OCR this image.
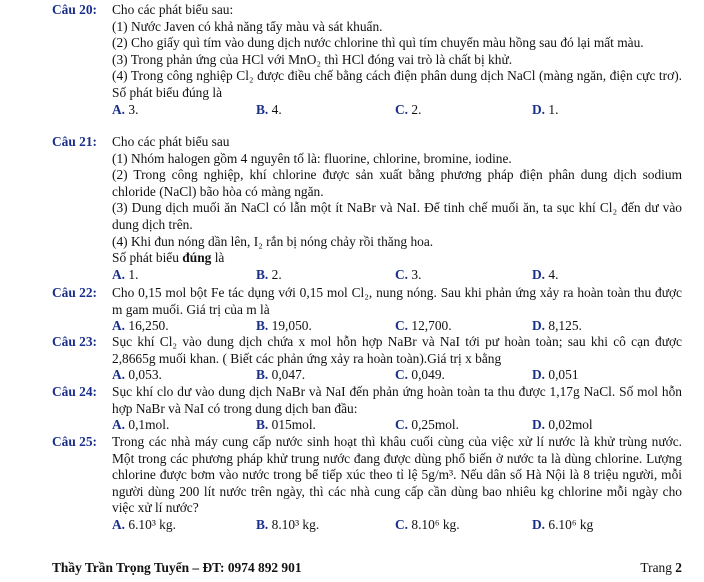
Câu 20: Cho các phát biểu sau:
(1) Nước Javen có khả năng tẩy màu và sát khuẩn.
(2) Cho giấy quì tím vào dung dịch nước chlorine thì quì tím chuyển màu hồng sau đó lại mất màu.
(3) Trong phản ứng của HCl với MnO₂ thì HCl đóng vai trò là chất bị khử.
(4) Trong công nghiệp Cl₂ được điều chế bằng cách điện phân dung dịch NaCl (màng ngăn, điện cực trơ). Số phát biểu đúng là
A. 3.	B. 4.	C. 2.	D. 1.
Câu 21: Cho các phát biểu sau
(1) Nhóm halogen gồm 4 nguyên tố là: fluorine, chlorine, bromine, iodine.
(2) Trong công nghiệp, khí chlorine được sản xuất bằng phương pháp điện phân dung dịch sodium chloride (NaCl) bão hòa có màng ngăn.
(3) Dung dịch muối ăn NaCl có lẫn một ít NaBr và NaI. Để tinh chế muối ăn, ta sục khí Cl₂ đến dư vào dung dịch trên.
(4) Khi đun nóng dần lên, I₂ rắn bị nóng chảy rồi thăng hoa.
Số phát biểu đúng là
A. 1.	B. 2.	C. 3.	D. 4.
Câu 22: Cho 0,15 mol bột Fe tác dụng với 0,15 mol Cl₂, nung nóng. Sau khi phản ứng xảy ra hoàn toàn thu được m gam muối. Giá trị của m là
A. 16,250.	B. 19,050.	C. 12,700.	D. 8,125.
Câu 23: Sục khí Cl₂ vào dung dịch chứa x mol hỗn hợp NaBr và NaI tới pư hoàn toàn; sau khi cô cạn được 2,8665g muối khan. ( Biết các phản ứng xảy ra hoàn toàn).Giá trị x bằng
A. 0,053.	B. 0,047.	C. 0,049.	D. 0,051
Câu 24: Sục khí clo dư vào dung dịch NaBr và NaI đến phản ứng hoàn toàn ta thu được 1,17g NaCl. Số mol hỗn hợp NaBr và NaI có trong dung dịch ban đầu:
A. 0,1mol.	B. 015mol.	C. 0,25mol.	D. 0,02mol
Câu 25: Trong các nhà máy cung cấp nước sinh hoạt thì khâu cuối cùng của việc xử lí nước là khử trùng nước. Một trong các phương pháp khử trung nước đang được dùng phổ biến ở nước ta là dùng chlorine. Lượng chlorine được bơm vào nước trong bể tiếp xúc theo tỉ lệ 5g/m³. Nếu dân số Hà Nội là 8 triệu người, mỗi người dùng 200 lít nước trên ngày, thì các nhà cung cấp cần dùng bao nhiêu kg chlorine mỗi ngày cho việc xử lí nước?
A. 6.10³ kg.	B. 8.10³ kg.	C. 8.10⁶ kg.	D. 6.10⁶ kg
Thầy Trần Trọng Tuyển – ĐT: 0974 892 901	Trang 2
